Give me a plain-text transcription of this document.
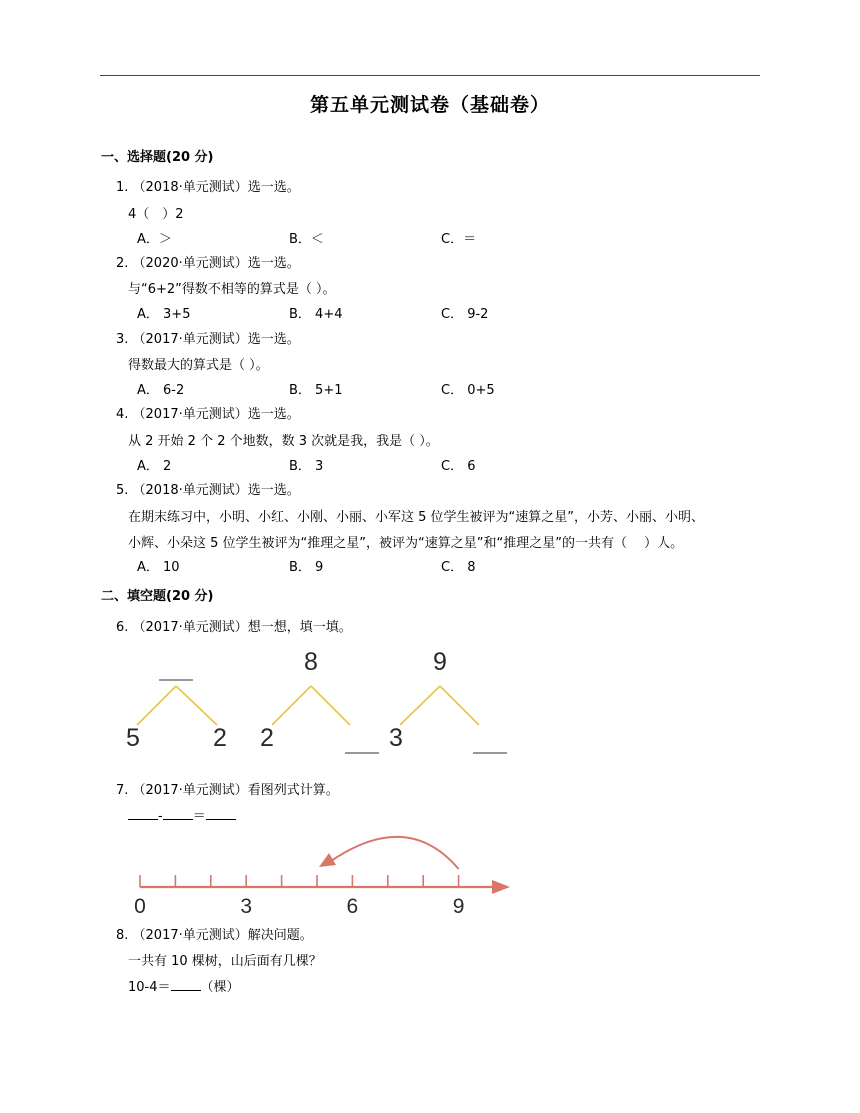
第五单元测试卷（基础卷）
一、选择题(20 分)
1. （2018·单元测试）选一选。
4（　）2
A．＞	B．＜	C．＝
2. （2020·单元测试）选一选。
与“6+2”得数不相等的算式是（ ）。
A． 3+5	B． 4+4	C． 9-2
3. （2017·单元测试）选一选。
得数最大的算式是（ ）。
A． 6-2	B． 5+1	C． 0+5
4. （2017·单元测试）选一选。
从 2 开始 2 个 2 个地数，数 3 次就是我，我是（ ）。
A． 2	B． 3	C． 6
5. （2018·单元测试）选一选。
在期末练习中，小明、小红、小刚、小丽、小军这 5 位学生被评为“速算之星”，小芳、小丽、小明、
小辉、小朵这 5 位学生被评为“推理之星”，被评为“速算之星”和“推理之星”的一共有（　 ）人。
A． 10	B． 9	C． 8
二、填空题(20 分)
6. （2017·单元测试）想一想，填一填。
5	2
8
2
9
3
7. （2017·单元测试）看图列式计算。
- ＝
0	3	6	9
8. （2017·单元测试）解决问题。
一共有 10 棵树，山后面有几棵？
10-4＝ （棵）
